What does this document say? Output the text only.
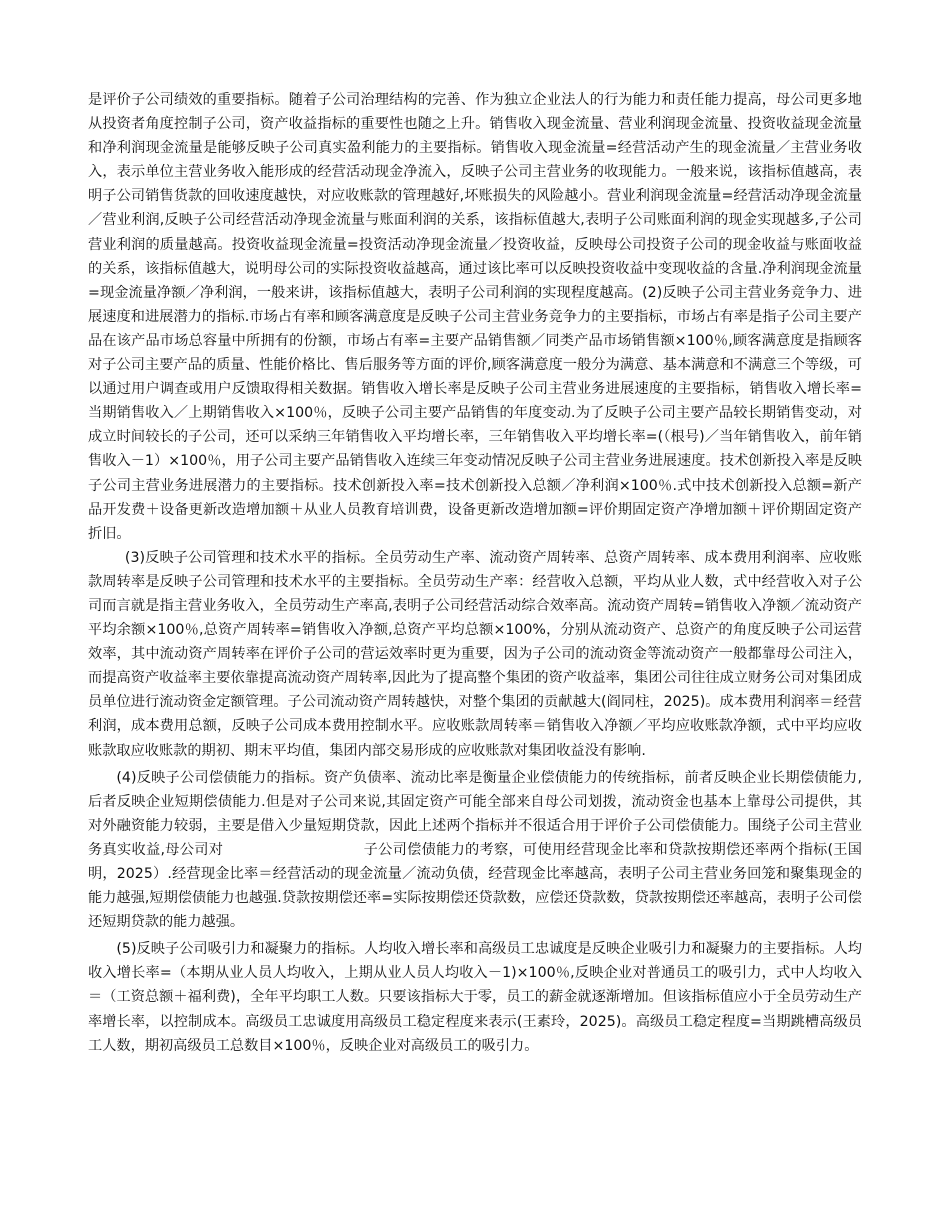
是评价子公司绩效的重要指标。随着子公司治理结构的完善、作为独立企业法人的行为能力和责任能力提高，母公司更多地从投资者角度控制子公司，资产收益指标的重要性也随之上升。销售收入现金流量、营业利润现金流量、投资收益现金流量和净利润现金流量是能够反映子公司真实盈利能力的主要指标。销售收入现金流量=经营活动产生的现金流量／主营业务收入，表示单位主营业务收入能形成的经营活动现金净流入，反映子公司主营业务的收现能力。一般来说，该指标值越高，表明子公司销售货款的回收速度越快，对应收账款的管理越好,坏账损失的风险越小。营业利润现金流量=经营活动净现金流量／营业利润,反映子公司经营活动净现金流量与账面利润的关系，该指标值越大,表明子公司账面利润的现金实现越多,子公司营业利润的质量越高。投资收益现金流量=投资活动净现金流量／投资收益，反映母公司投资子公司的现金收益与账面收益的关系，该指标值越大，说明母公司的实际投资收益越高，通过该比率可以反映投资收益中变现收益的含量.净利润现金流量=现金流量净额／净利润，一般来讲，该指标值越大，表明子公司利润的实现程度越高。(2)反映子公司主营业务竞争力、进展速度和进展潜力的指标.市场占有率和顾客满意度是反映子公司主营业务竞争力的主要指标，市场占有率是指子公司主要产品在该产品市场总容量中所拥有的份额，市场占有率=主要产品销售额／同类产品市场销售额×100％,顾客满意度是指顾客对子公司主要产品的质量、性能价格比、售后服务等方面的评价,顾客满意度一般分为满意、基本满意和不满意三个等级，可以通过用户调查或用户反馈取得相关数据。销售收入增长率是反映子公司主营业务进展速度的主要指标，销售收入增长率=当期销售收入／上期销售收入×100％，反映子公司主要产品销售的年度变动.为了反映子公司主要产品较长期销售变动，对成立时间较长的子公司，还可以采纳三年销售收入平均增长率，三年销售收入平均增长率=(（根号)／当年销售收入，前年销售收入－1）×100％，用子公司主要产品销售收入连续三年变动情况反映子公司主营业务进展速度。技术创新投入率是反映子公司主营业务进展潜力的主要指标。技术创新投入率=技术创新投入总额／净利润×100％.式中技术创新投入总额=新产品开发费＋设备更新改造增加额＋从业人员教育培训费，设备更新改造增加额=评价期固定资产净增加额＋评价期固定资产折旧。

(3)反映子公司管理和技术水平的指标。全员劳动生产率、流动资产周转率、总资产周转率、成本费用利润率、应收账款周转率是反映子公司管理和技术水平的主要指标。全员劳动生产率：经营收入总额，平均从业人数，式中经营收入对子公司而言就是指主营业务收入，全员劳动生产率高,表明子公司经营活动综合效率高。流动资产周转=销售收入净额／流动资产平均余额×100％,总资产周转率=销售收入净额,总资产平均总额×100%，分别从流动资产、总资产的角度反映子公司运营效率，其中流动资产周转率在评价子公司的营运效率时更为重要，因为子公司的流动资金等流动资产一般都靠母公司注入，而提高资产收益率主要依靠提高流动资产周转率,因此为了提高整个集团的资产收益率，集团公司往往成立财务公司对集团成员单位进行流动资金定额管理。子公司流动资产周转越快，对整个集团的贡献越大(阎同柱，2025)。成本费用利润率＝经营利润，成本费用总额，反映子公司成本费用控制水平。应收账款周转率＝销售收入净额／平均应收账款净额，式中平均应收账款取应收账款的期初、期末平均值，集团内部交易形成的应收账款对集团收益没有影响.

(4)反映子公司偿债能力的指标。资产负债率、流动比率是衡量企业偿债能力的传统指标，前者反映企业长期偿债能力,后者反映企业短期偿债能力.但是对子公司来说,其固定资产可能全部来自母公司划拨，流动资金也基本上靠母公司提供，其对外融资能力较弱，主要是借入少量短期贷款，因此上述两个指标并不很适合用于评价子公司偿债能力。围绕子公司主营业务真实收益,母公司对	子公司偿债能力的考察，可使用经营现金比率和贷款按期偿还率两个指标(王国明，2025）.经营现金比率＝经营活动的现金流量／流动负债，经营现金比率越高，表明子公司主营业务回笼和聚集现金的能力越强,短期偿债能力也越强.贷款按期偿还率=实际按期偿还贷款数，应偿还贷款数，贷款按期偿还率越高，表明子公司偿还短期贷款的能力越强。

(5)反映子公司吸引力和凝聚力的指标。人均收入增长率和高级员工忠诚度是反映企业吸引力和凝聚力的主要指标。人均收入增长率=（本期从业人员人均收入，上期从业人员人均收入－1)×100％,反映企业对普通员工的吸引力，式中人均收入＝（工资总额＋福利费)，全年平均职工人数。只要该指标大于零，员工的薪金就逐渐增加。但该指标值应小于全员劳动生产率增长率，以控制成本。高级员工忠诚度用高级员工稳定程度来表示(王素玲，2025)。高级员工稳定程度=当期跳槽高级员工人数，期初高级员工总数目×100％，反映企业对高级员工的吸引力。
